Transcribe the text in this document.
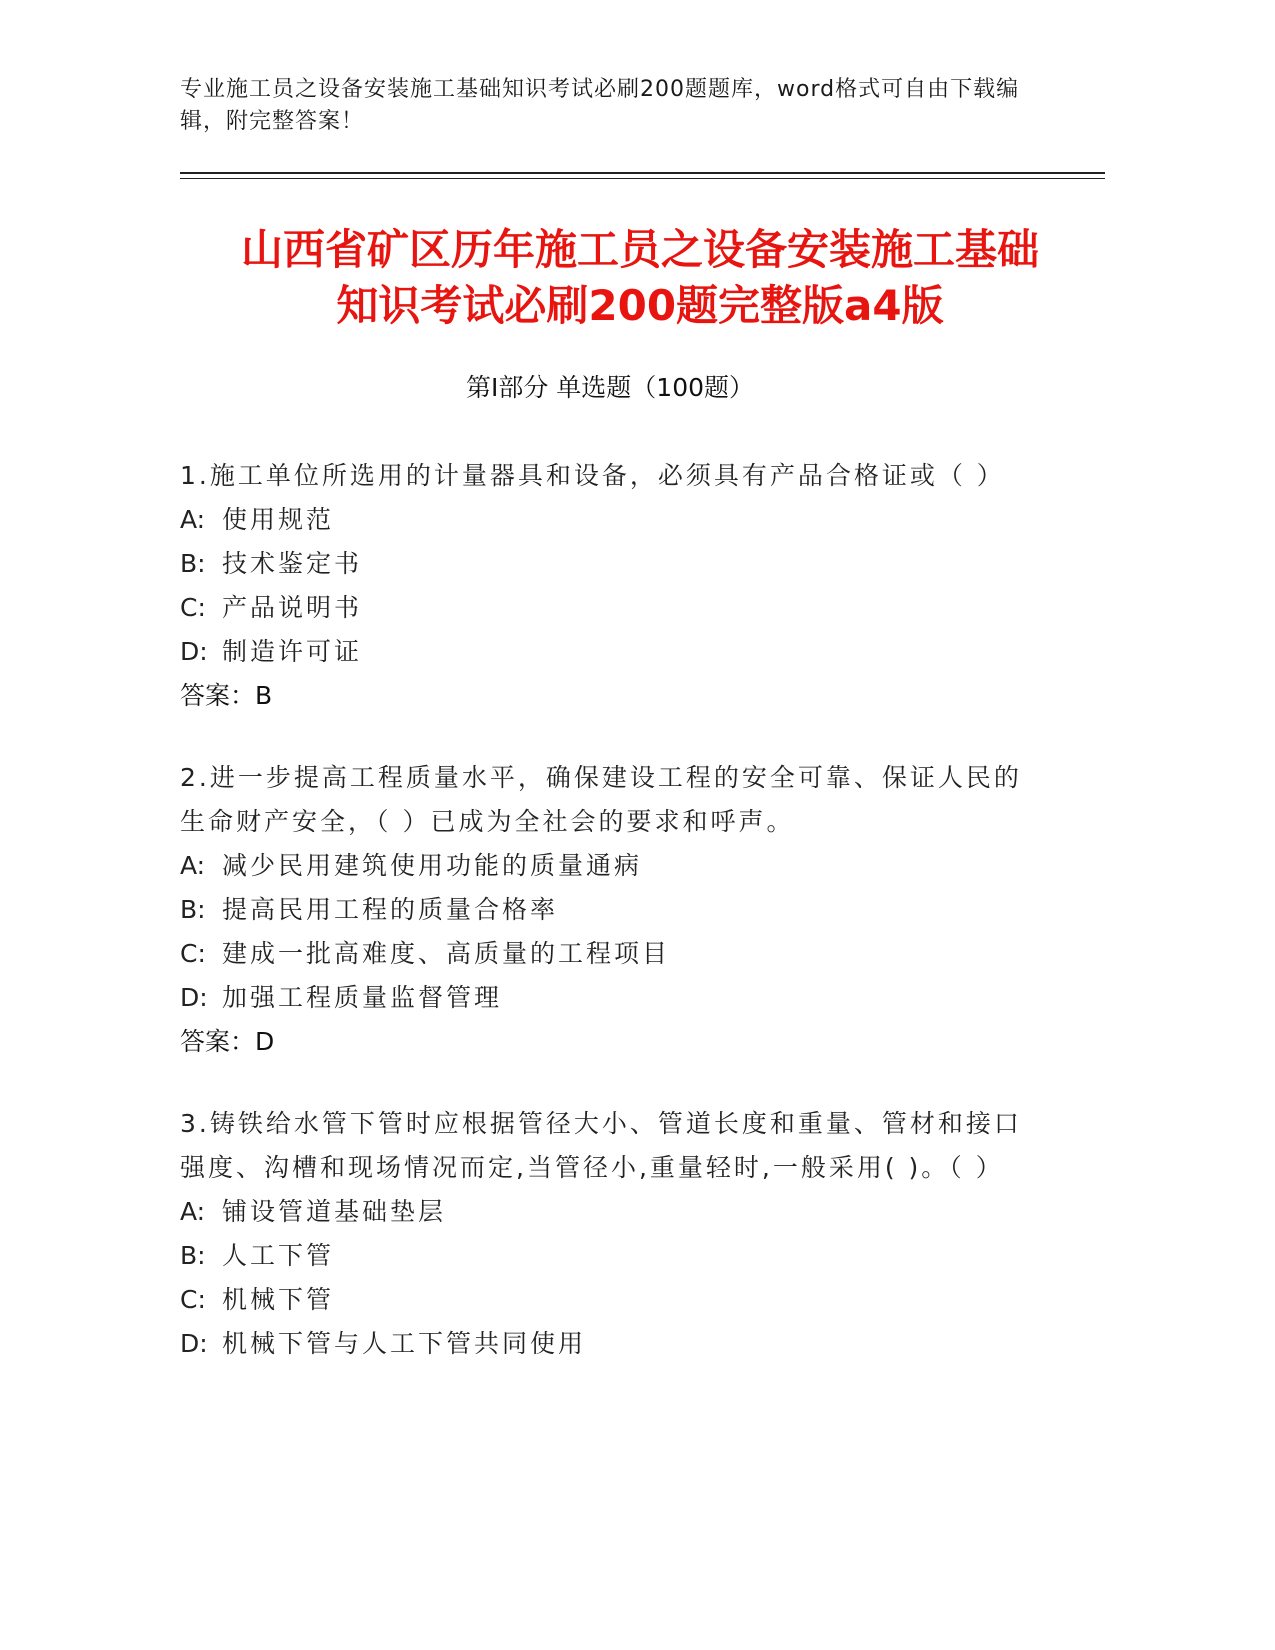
专业施工员之设备安装施工基础知识考试必刷200题题库，word格式可自由下载编辑，附完整答案！
山西省矿区历年施工员之设备安装施工基础
知识考试必刷200题完整版a4版
第Ⅰ部分 单选题（100题）
1.施工单位所选用的计量器具和设备，必须具有产品合格证或（ ）
A: 使用规范
B: 技术鉴定书
C: 产品说明书
D: 制造许可证
答案：B
2.进一步提高工程质量水平，确保建设工程的安全可靠、保证人民的生命财产安全，（ ）已成为全社会的要求和呼声。
A: 减少民用建筑使用功能的质量通病
B: 提高民用工程的质量合格率
C: 建成一批高难度、高质量的工程项目
D: 加强工程质量监督管理
答案：D
3.铸铁给水管下管时应根据管径大小、管道长度和重量、管材和接口强度、沟槽和现场情况而定,当管径小,重量轻时,一般采用( )。（ ）
A: 铺设管道基础垫层
B: 人工下管
C: 机械下管
D: 机械下管与人工下管共同使用
